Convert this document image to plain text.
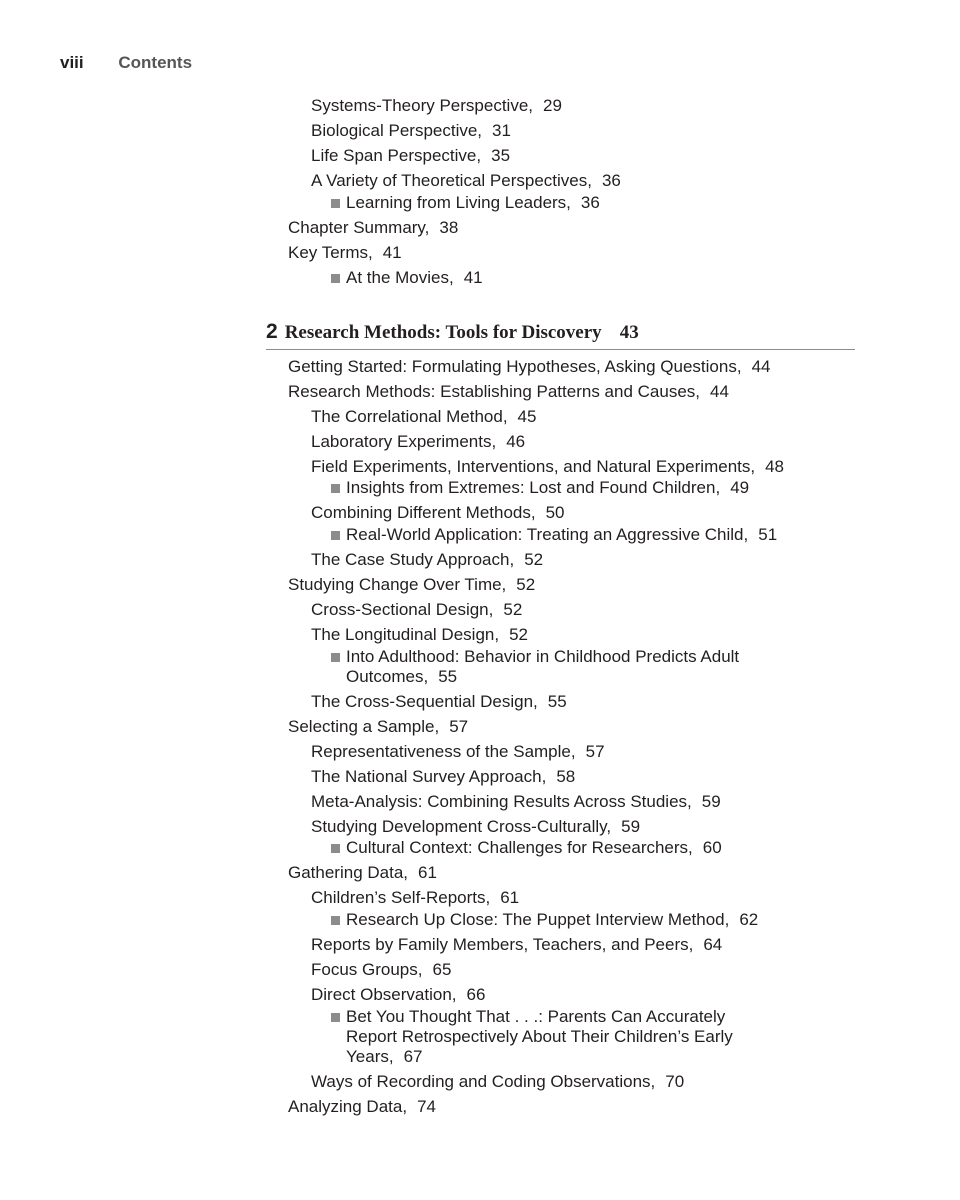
viii Contents
Systems-Theory Perspective, 29
Biological Perspective, 31
Life Span Perspective, 35
A Variety of Theoretical Perspectives, 36
Learning from Living Leaders, 36
Chapter Summary, 38
Key Terms, 41
At the Movies, 41
2 Research Methods: Tools for Discovery 43
Getting Started: Formulating Hypotheses, Asking Questions, 44
Research Methods: Establishing Patterns and Causes, 44
The Correlational Method, 45
Laboratory Experiments, 46
Field Experiments, Interventions, and Natural Experiments, 48
Insights from Extremes: Lost and Found Children, 49
Combining Different Methods, 50
Real-World Application: Treating an Aggressive Child, 51
The Case Study Approach, 52
Studying Change Over Time, 52
Cross-Sectional Design, 52
The Longitudinal Design, 52
Into Adulthood: Behavior in Childhood Predicts Adult
Outcomes, 55
The Cross-Sequential Design, 55
Selecting a Sample, 57
Representativeness of the Sample, 57
The National Survey Approach, 58
Meta-Analysis: Combining Results Across Studies, 59
Studying Development Cross-Culturally, 59
Cultural Context: Challenges for Researchers, 60
Gathering Data, 61
Children’s Self-Reports, 61
Research Up Close: The Puppet Interview Method, 62
Reports by Family Members, Teachers, and Peers, 64
Focus Groups, 65
Direct Observation, 66
Bet You Thought That . . .: Parents Can Accurately
Report Retrospectively About Their Children’s Early
Years, 67
Ways of Recording and Coding Observations, 70
Analyzing Data, 74
